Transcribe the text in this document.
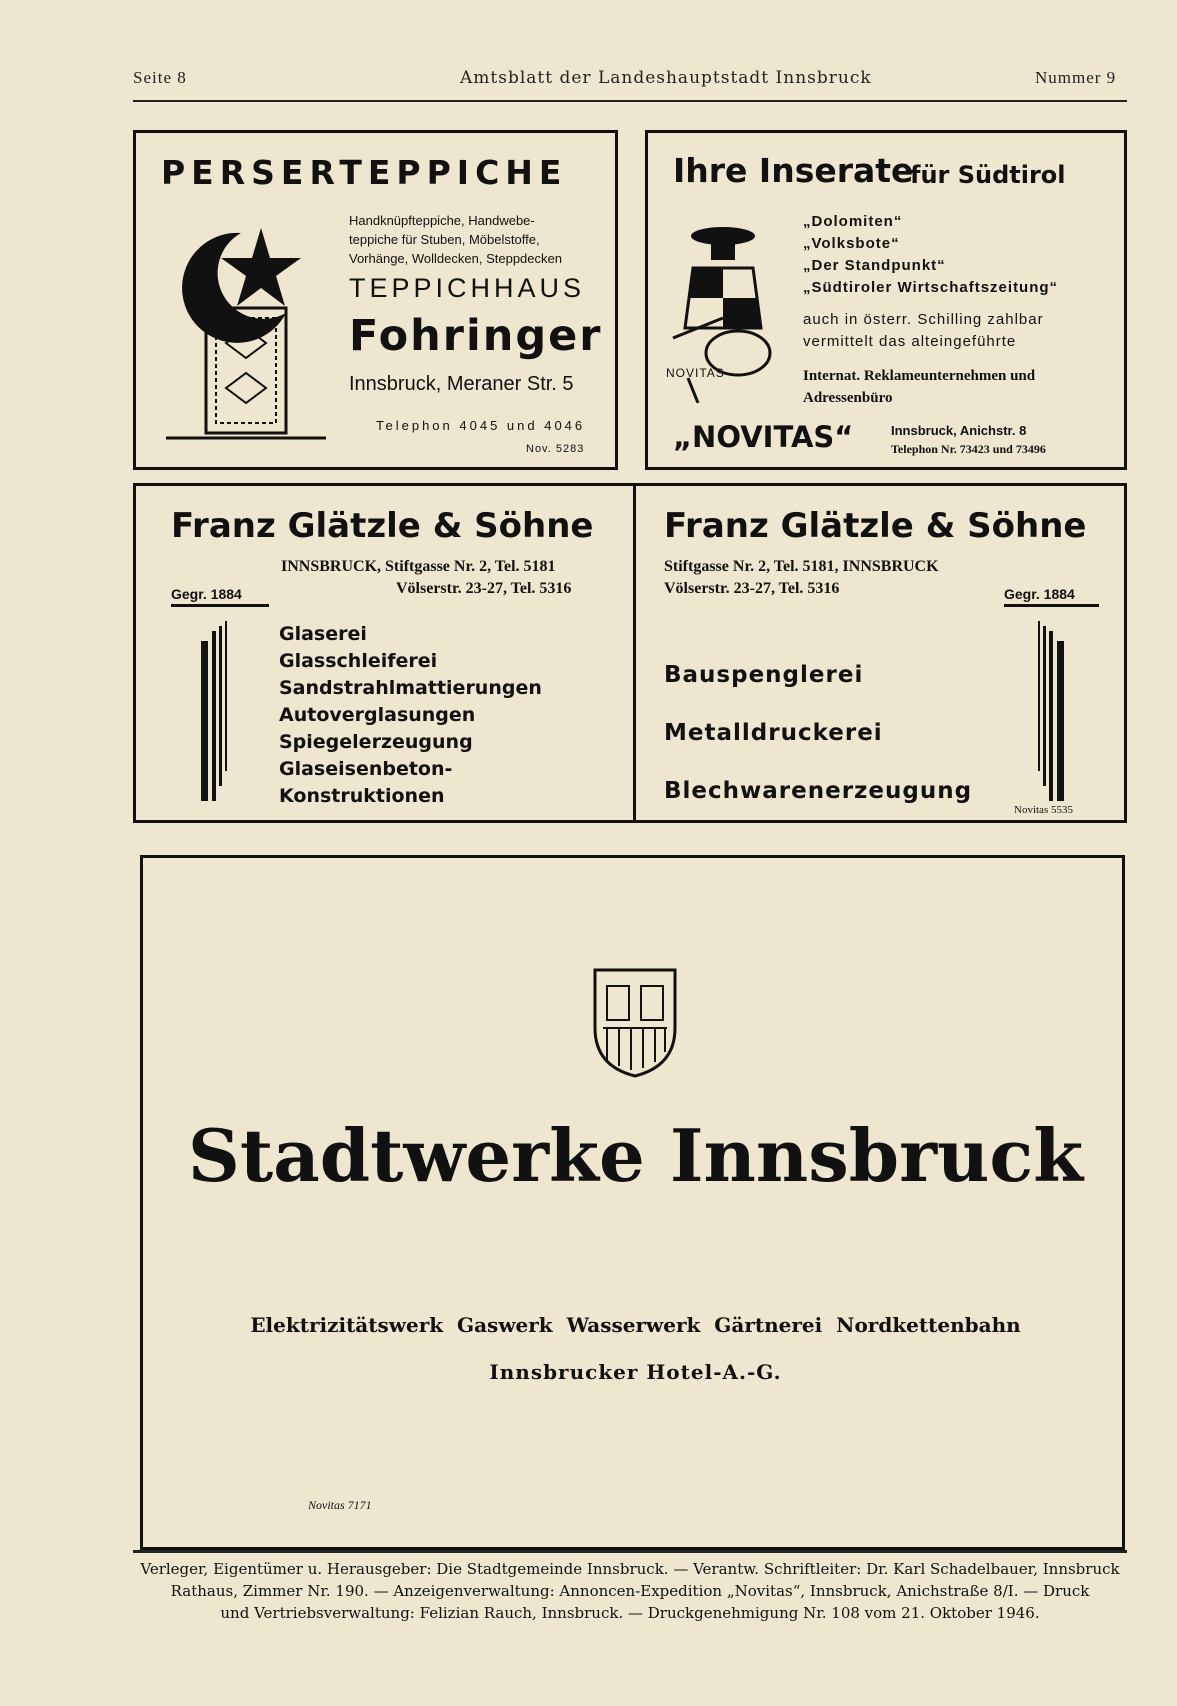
Seite 8	Amtsblatt der Landeshauptstadt Innsbruck	Nummer 9
PERSERTEPPICHE
Handknüpfteppiche, Handwebe-
teppiche für Stuben, Möbelstoffe,
Vorhänge, Wolldecken, Steppdecken
TEPPICHHAUS
Fohringer
Innsbruck, Meraner Str. 5
Telephon 4045 und 4046
Nov. 5283
Ihre Inserate
für Südtirol
NOVITAS
„Dolomiten“
„Volksbote“
„Der Standpunkt“
„Südtiroler Wirtschaftszeitung“
auch in österr. Schilling zahlbar
vermittelt das alteingeführte
Internat. Reklameunternehmen und
Adressenbüro
„NOVITAS“	Innsbruck, Anichstr. 8
Telephon Nr. 73423 und 73496
Franz Glätzle & Söhne
INNSBRUCK, Stiftgasse Nr. 2, Tel. 5181
Völserstr. 23-27, Tel. 5316
Gegr. 1884
Glaserei
Glasschleiferei
Sandstrahlmattierungen
Autoverglasungen
Spiegelerzeugung
Glaseisenbeton-
Konstruktionen
Franz Glätzle & Söhne
Stiftgasse Nr. 2, Tel. 5181, INNSBRUCK
Völserstr. 23-27, Tel. 5316	Gegr. 1884
Bauspenglerei
Metalldruckerei
Blechwarenerzeugung
Novitas 5535
Stadtwerke Innsbruck
Elektrizitätswerk  Gaswerk  Wasserwerk  Gärtnerei  Nordkettenbahn
Innsbrucker Hotel-A.-G.
Novitas 7171
Verleger, Eigentümer u. Herausgeber: Die Stadtgemeinde Innsbruck. — Verantw. Schriftleiter: Dr. Karl Schadelbauer, Innsbruck
Rathaus, Zimmer Nr. 190. — Anzeigenverwaltung: Annoncen-Expedition „Novitas“, Innsbruck, Anichstraße 8/I. — Druck
und Vertriebsverwaltung: Felizian Rauch, Innsbruck. — Druckgenehmigung Nr. 108 vom 21. Oktober 1946.
